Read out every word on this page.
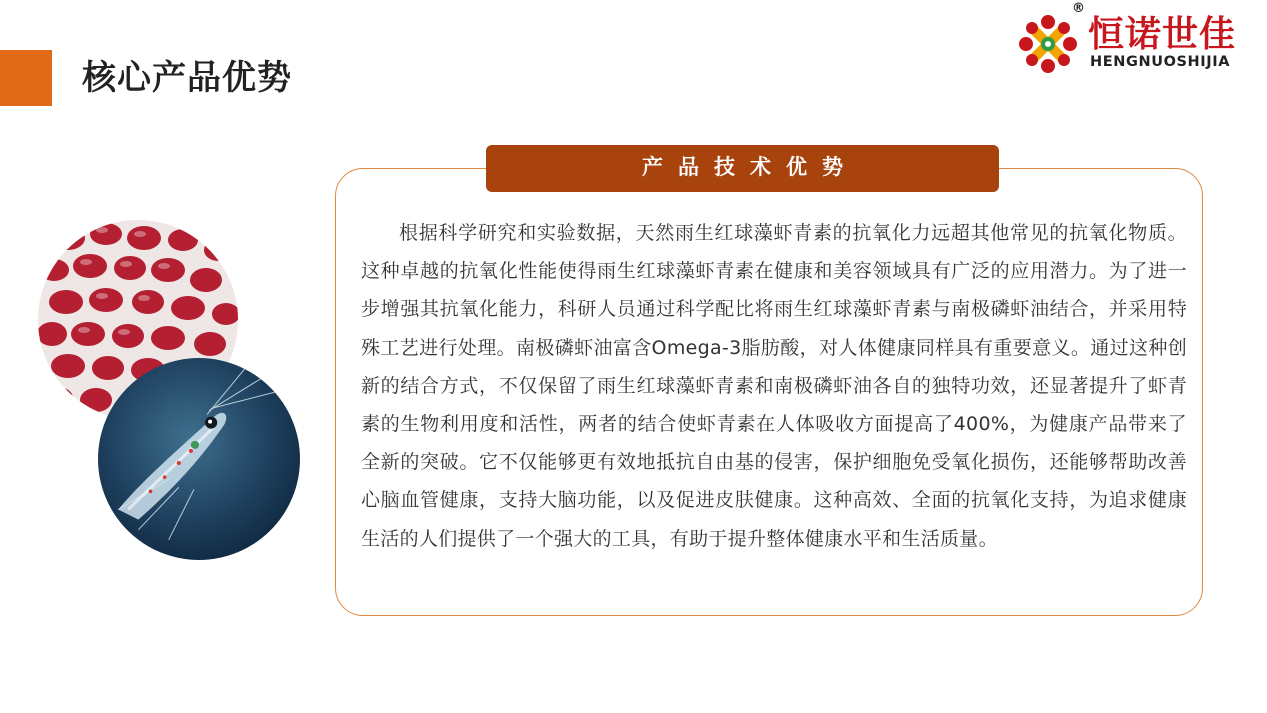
核心产品优势
®
恒诺世佳
HENGNUOSHIJIA
产品技术优势

根据科学研究和实验数据，天然雨生红球藻虾青素的抗氧化力远超其他常见的抗氧化物质。这种卓越的抗氧化性能使得雨生红球藻虾青素在健康和美容领域具有广泛的应用潜力。为了进一步增强其抗氧化能力，科研人员通过科学配比将雨生红球藻虾青素与南极磷虾油结合，并采用特殊工艺进行处理。南极磷虾油富含Omega-3脂肪酸，对人体健康同样具有重要意义。通过这种创新的结合方式，不仅保留了雨生红球藻虾青素和南极磷虾油各自的独特功效，还显著提升了虾青素的生物利用度和活性，两者的结合使虾青素在人体吸收方面提高了400%，为健康产品带来了全新的突破。它不仅能够更有效地抵抗自由基的侵害，保护细胞免受氧化损伤，还能够帮助改善心脑血管健康，支持大脑功能，以及促进皮肤健康。这种高效、全面的抗氧化支持，为追求健康生活的人们提供了一个强大的工具，有助于提升整体健康水平和生活质量。
